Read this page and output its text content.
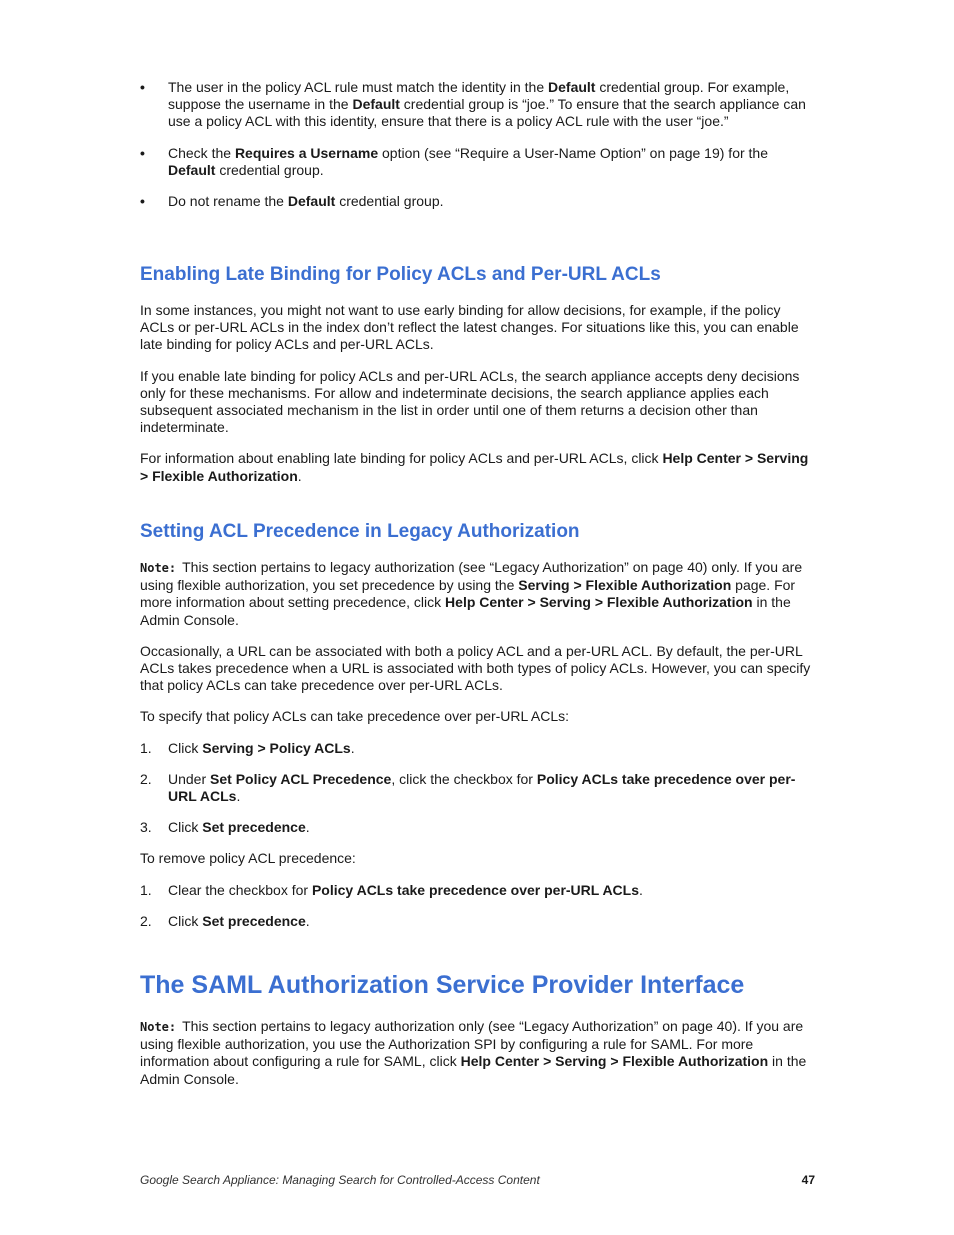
• The user in the policy ACL rule must match the identity in the Default credential group. For example, suppose the username in the Default credential group is “joe.” To ensure that the search appliance can use a policy ACL with this identity, ensure that there is a policy ACL rule with the user “joe.”
• Check the Requires a Username option (see “Require a User-Name Option” on page 19) for the Default credential group.
• Do not rename the Default credential group.
Enabling Late Binding for Policy ACLs and Per-URL ACLs

In some instances, you might not want to use early binding for allow decisions, for example, if the policy ACLs or per-URL ACLs in the index don’t reflect the latest changes. For situations like this, you can enable late binding for policy ACLs and per-URL ACLs.

If you enable late binding for policy ACLs and per-URL ACLs, the search appliance accepts deny decisions only for these mechanisms. For allow and indeterminate decisions, the search appliance applies each subsequent associated mechanism in the list in order until one of them returns a decision other than indeterminate.

For information about enabling late binding for policy ACLs and per-URL ACLs, click Help Center > Serving > Flexible Authorization.

Setting ACL Precedence in Legacy Authorization

Note: This section pertains to legacy authorization (see “Legacy Authorization” on page 40) only. If you are using flexible authorization, you set precedence by using the Serving > Flexible Authorization page. For more information about setting precedence, click Help Center > Serving > Flexible Authorization in the Admin Console.

Occasionally, a URL can be associated with both a policy ACL and a per-URL ACL. By default, the per-URL ACLs takes precedence when a URL is associated with both types of policy ACLs. However, you can specify that policy ACLs can take precedence over per-URL ACLs.

To specify that policy ACLs can take precedence over per-URL ACLs:

1. Click Serving > Policy ACLs.
2. Under Set Policy ACL Precedence, click the checkbox for Policy ACLs take precedence over per-URL ACLs.
3. Click Set precedence.

To remove policy ACL precedence:

1. Clear the checkbox for Policy ACLs take precedence over per-URL ACLs.
2. Click Set precedence.
The SAML Authorization Service Provider Interface

Note: This section pertains to legacy authorization only (see “Legacy Authorization” on page 40). If you are using flexible authorization, you use the Authorization SPI by configuring a rule for SAML. For more information about configuring a rule for SAML, click Help Center > Serving > Flexible Authorization in the Admin Console.

Google Search Appliance: Managing Search for Controlled-Access Content	47
